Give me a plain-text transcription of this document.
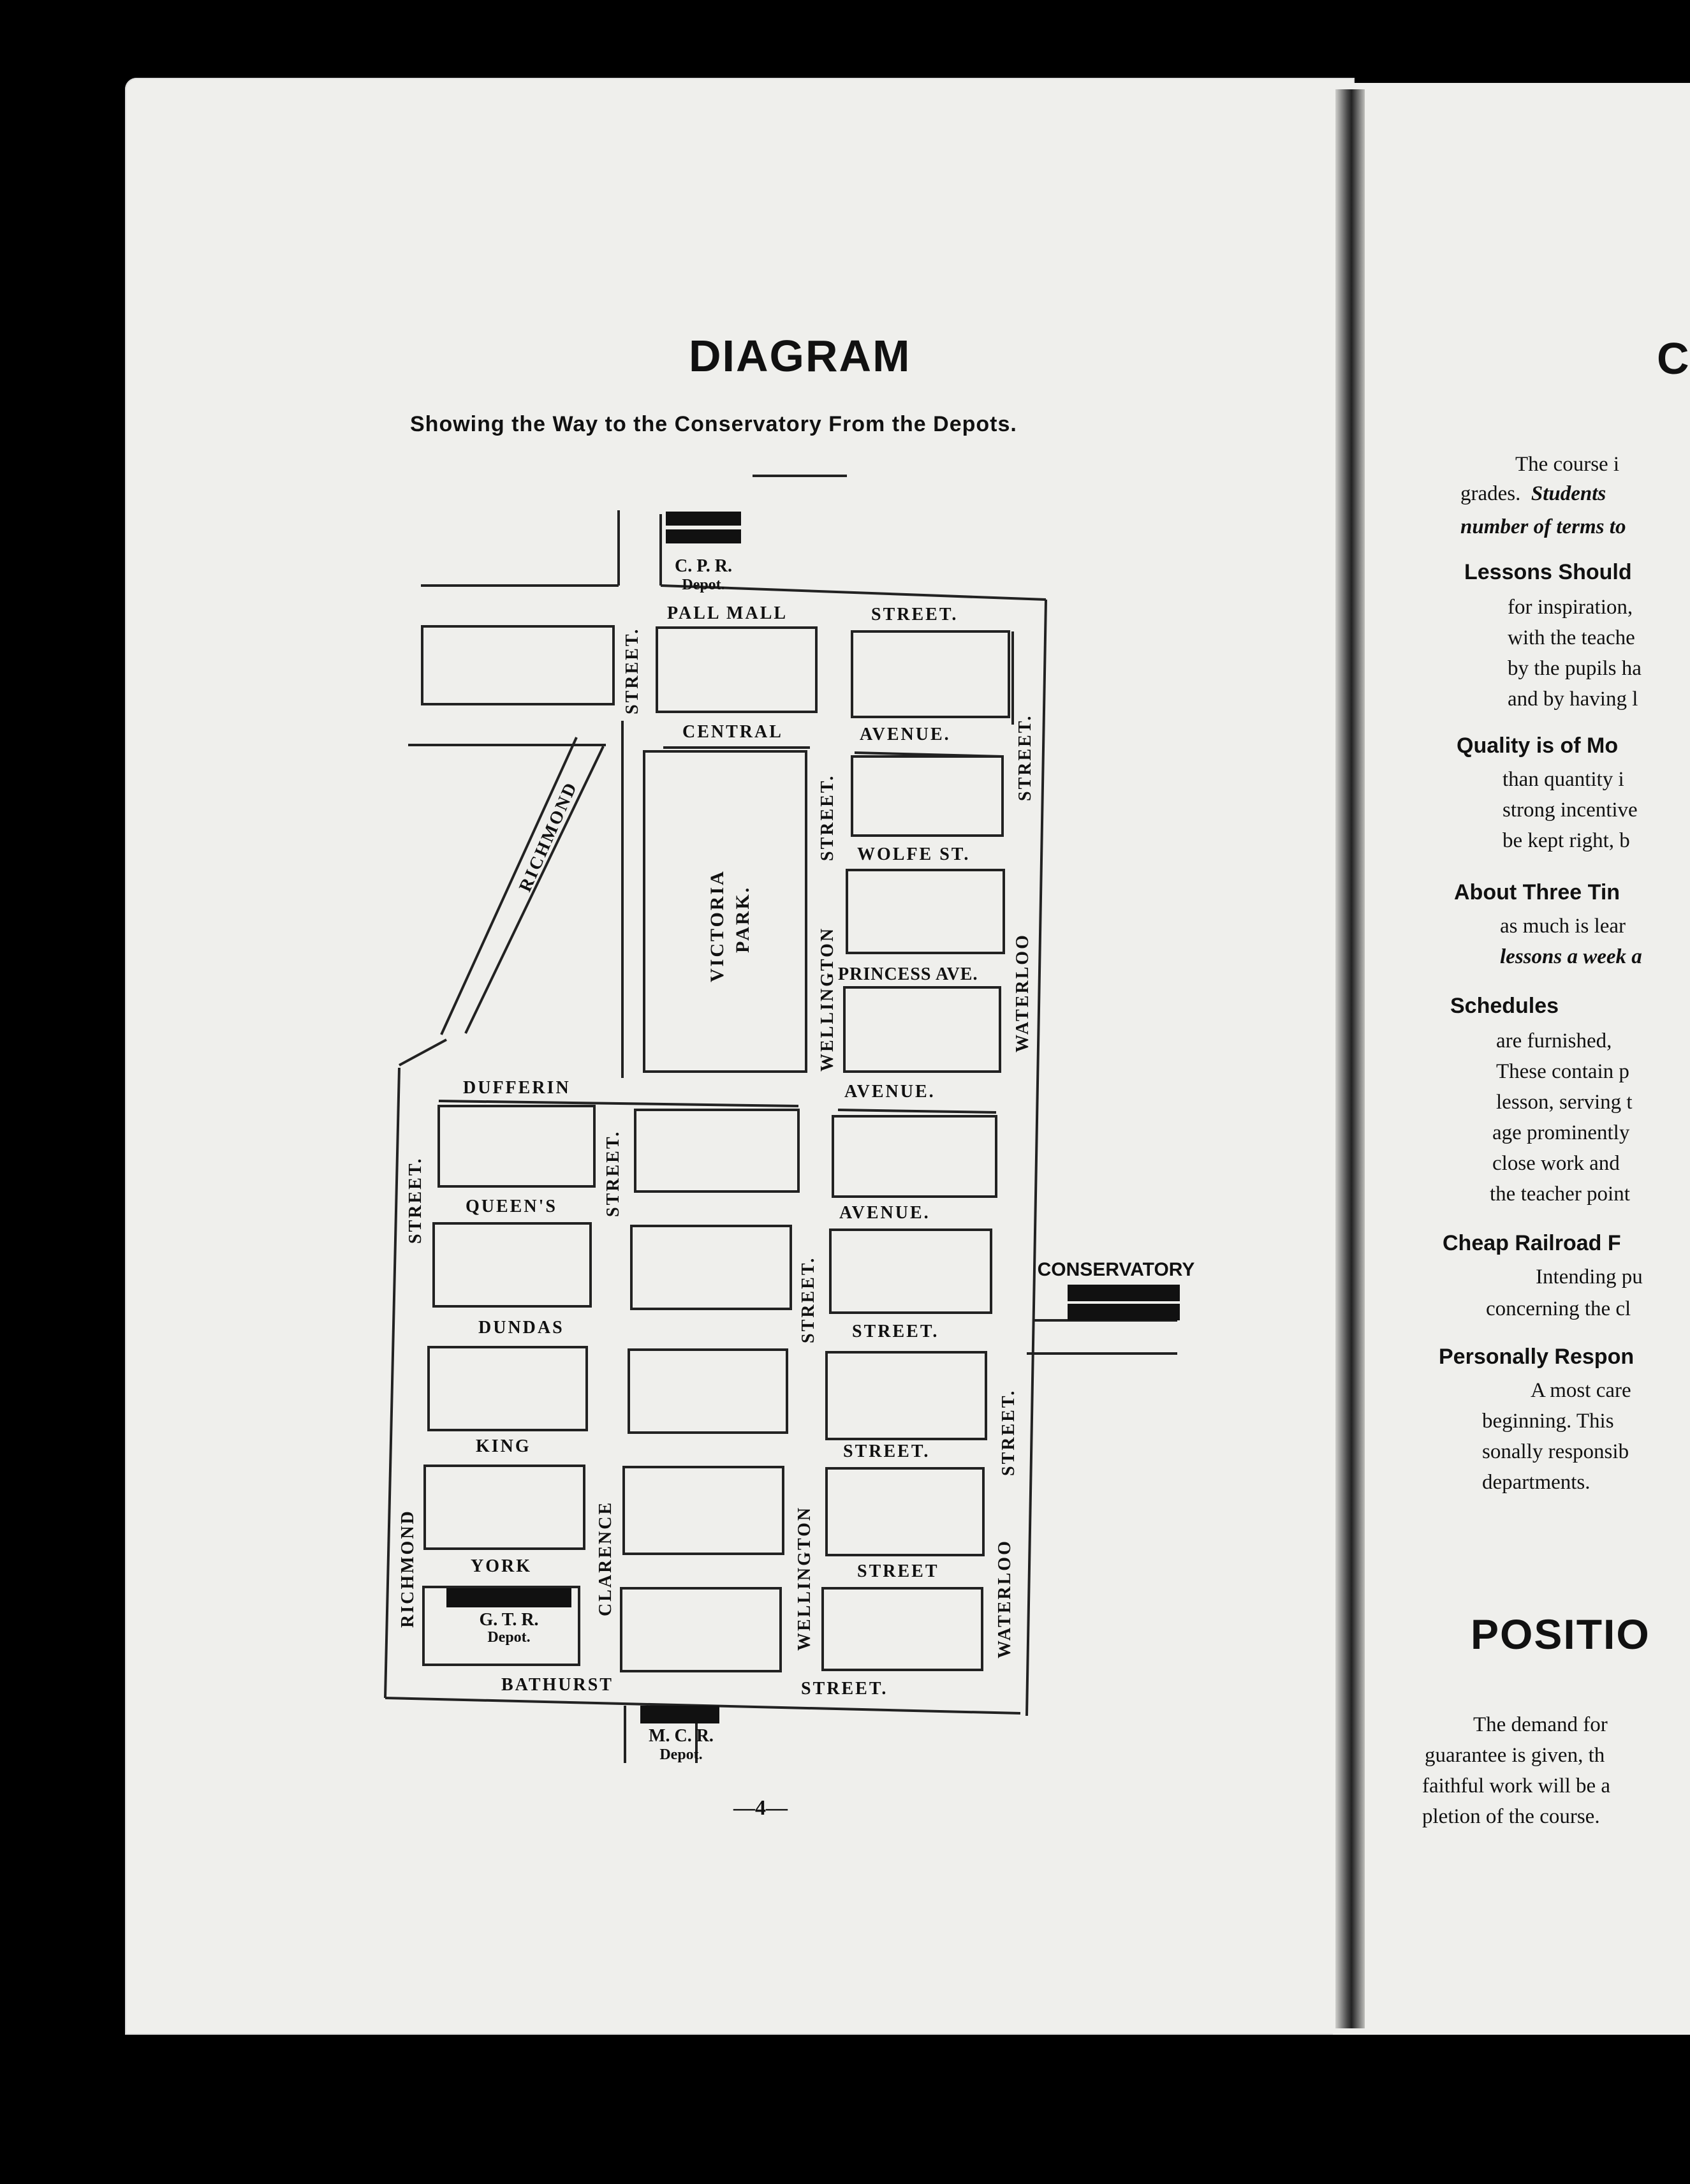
DIAGRAM
Showing the Way to the Conservatory From the Depots.
C. P. R.
Depot.
G. T. R.
Depot.
M. C. R.
Depot.
CONSERVATORY
PALL MALL	STREET.
CENTRAL	AVENUE.
WOLFE ST.
PRINCESS AVE.
DUFFERIN	AVENUE.
QUEEN'S	AVENUE.
DUNDAS	STREET.
KING	STREET.
YORK	STREET
BATHURST	STREET.
STREET.
RICHMOND
VICTORIA PARK.
STREET.
WELLINGTON
STREET.
WATERLOO
STREET.	STREET.
STREET.
STREET.
RICHMOND	CLARENCE	WELLINGTON	WATERLOO
—4—
C
The course i
grades. Students
number of terms to
Lessons Should
for inspiration,
with the teache
by the pupils ha
and by having l
Quality is of Mo
than quantity i
strong incentive
be kept right, b
About Three Tin
as much is lear
lessons a week a
Schedules
are furnished,
These contain p
lesson, serving t
age prominently
close work and
the teacher point
Cheap Railroad F
Intending pu
concerning the cl
Personally Respon
A most care
beginning. This
sonally responsib
departments.
POSITIO
The demand for
guarantee is given, th
faithful work will be a
pletion of the course.
